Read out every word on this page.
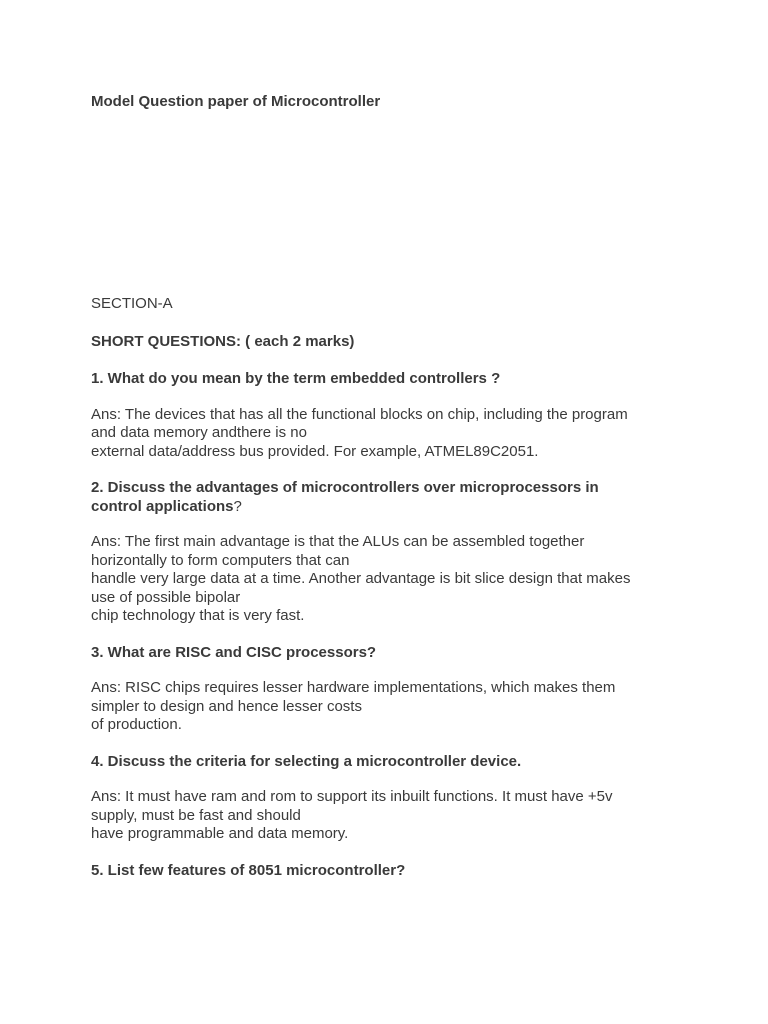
Model Question paper of Microcontroller

SECTION-A

SHORT QUESTIONS: ( each 2 marks)

1. What do you mean by the term embedded controllers ?

Ans: The devices that has all the functional blocks on chip, including the program
and data memory andthere is no
external data/address bus provided. For example, ATMEL89C2051.

2. Discuss the advantages of microcontrollers over microprocessors in
control applications?

Ans: The first main advantage is that the ALUs can be assembled together
horizontally to form computers that can
handle very large data at a time. Another advantage is bit slice design that makes
use of possible bipolar
chip technology that is very fast.

3. What are RISC and CISC processors?

Ans: RISC chips requires lesser hardware implementations, which makes them
simpler to design and hence lesser costs
of production.

4. Discuss the criteria for selecting a microcontroller device.

Ans: It must have ram and rom to support its inbuilt functions. It must have +5v
supply, must be fast and should
have programmable and data memory.

5. List few features of 8051 microcontroller?
